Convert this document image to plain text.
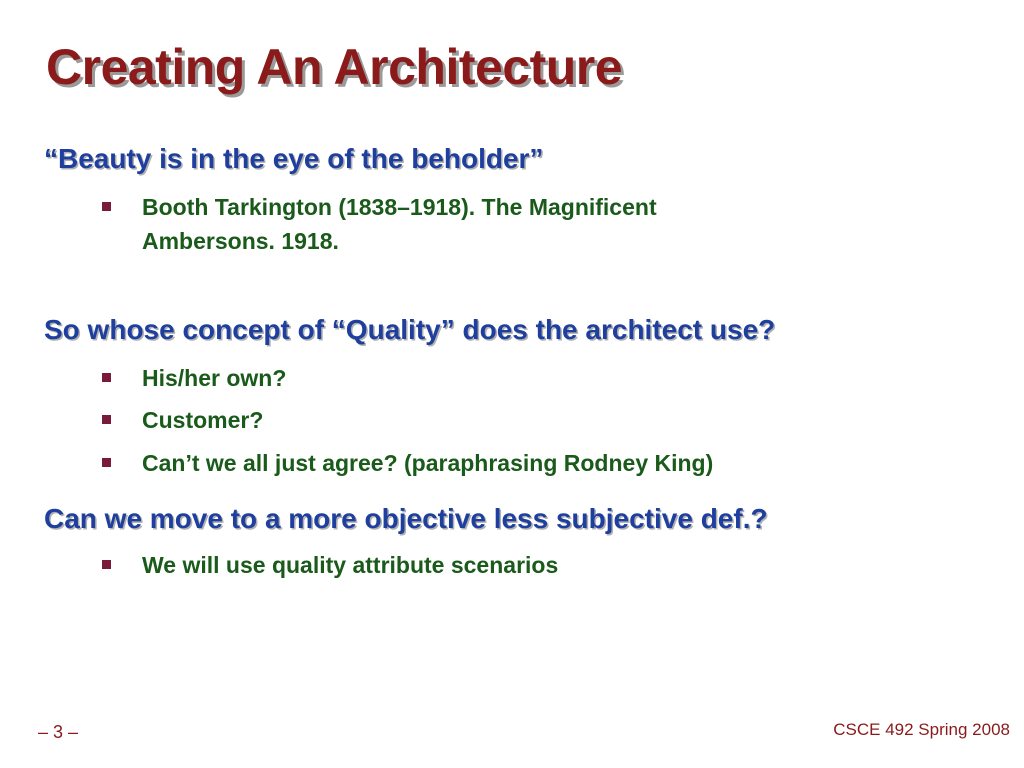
Creating An Architecture
“Beauty is in the eye of the beholder”
Booth Tarkington (1838–1918). The Magnificent Ambersons. 1918.
So whose concept of “Quality” does the architect use?
His/her own?
Customer?
Can’t we all just agree? (paraphrasing Rodney King)
Can we move to a more objective less subjective def.?
We will use quality attribute scenarios
– 3 –	CSCE 492 Spring 2008
